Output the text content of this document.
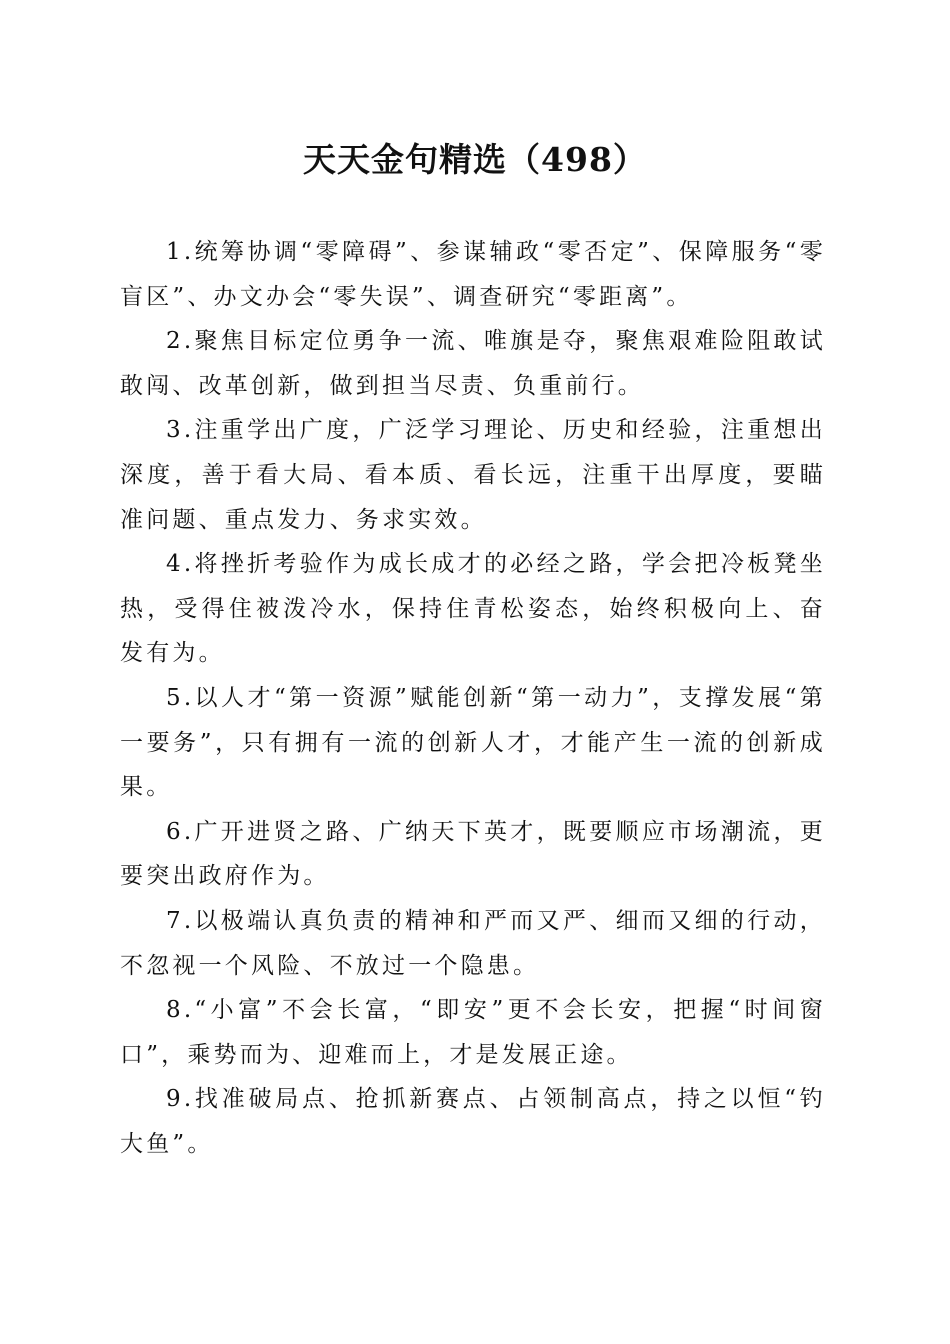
天天金句精选（498）

1.统筹协调“零障碍”、参谋辅政“零否定”、保障服务“零盲区”、办文办会“零失误”、调查研究“零距离”。

2.聚焦目标定位勇争一流、唯旗是夺，聚焦艰难险阻敢试敢闯、改革创新，做到担当尽责、负重前行。

3.注重学出广度，广泛学习理论、历史和经验，注重想出深度，善于看大局、看本质、看长远，注重干出厚度，要瞄准问题、重点发力、务求实效。

4.将挫折考验作为成长成才的必经之路，学会把冷板凳坐热，受得住被泼冷水，保持住青松姿态，始终积极向上、奋发有为。

5.以人才“第一资源”赋能创新“第一动力”，支撑发展“第一要务”，只有拥有一流的创新人才，才能产生一流的创新成果。

6.广开进贤之路、广纳天下英才，既要顺应市场潮流，更要突出政府作为。

7.以极端认真负责的精神和严而又严、细而又细的行动，不忽视一个风险、不放过一个隐患。

8.“小富”不会长富，“即安”更不会长安，把握“时间窗口”，乘势而为、迎难而上，才是发展正途。

9.找准破局点、抢抓新赛点、占领制高点，持之以恒“钓大鱼”。
